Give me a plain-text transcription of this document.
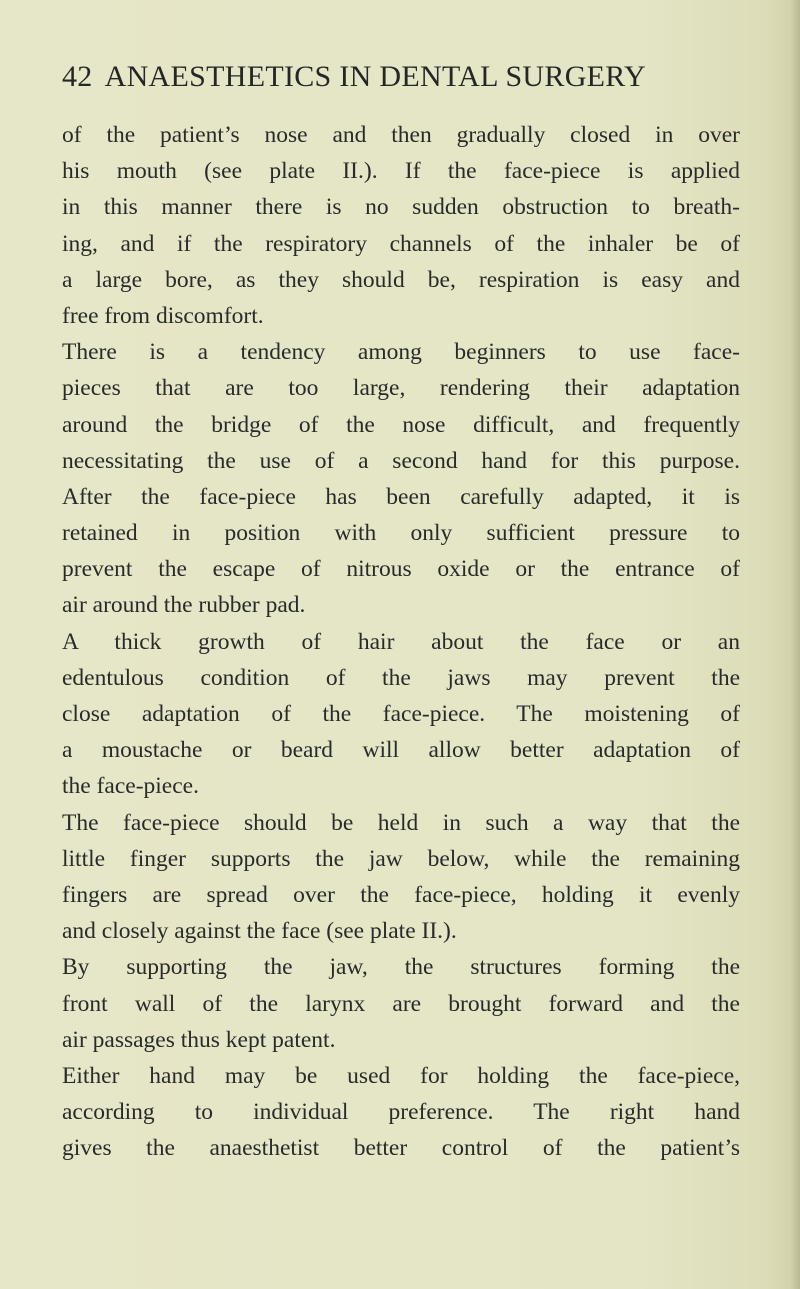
42 ANAESTHETICS IN DENTAL SURGERY

of the patient’s nose and then gradually closed in over
his mouth (see plate II.). If the face-piece is applied
in this manner there is no sudden obstruction to breath-
ing, and if the respiratory channels of the inhaler be of
a large bore, as they should be, respiration is easy and
free from discomfort.

There is a tendency among beginners to use face-
pieces that are too large, rendering their adaptation
around the bridge of the nose difficult, and frequently
necessitating the use of a second hand for this purpose.
After the face-piece has been carefully adapted, it is
retained in position with only sufficient pressure to
prevent the escape of nitrous oxide or the entrance of
air around the rubber pad.

A thick growth of hair about the face or an
edentulous condition of the jaws may prevent the
close adaptation of the face-piece. The moistening of
a moustache or beard will allow better adaptation of
the face-piece.

The face-piece should be held in such a way that the
little finger supports the jaw below, while the remaining
fingers are spread over the face-piece, holding it evenly
and closely against the face (see plate II.).

By supporting the jaw, the structures forming the
front wall of the larynx are brought forward and the
air passages thus kept patent.

Either hand may be used for holding the face-piece,
according to individual preference. The right hand
gives the anaesthetist better control of the patient’s
